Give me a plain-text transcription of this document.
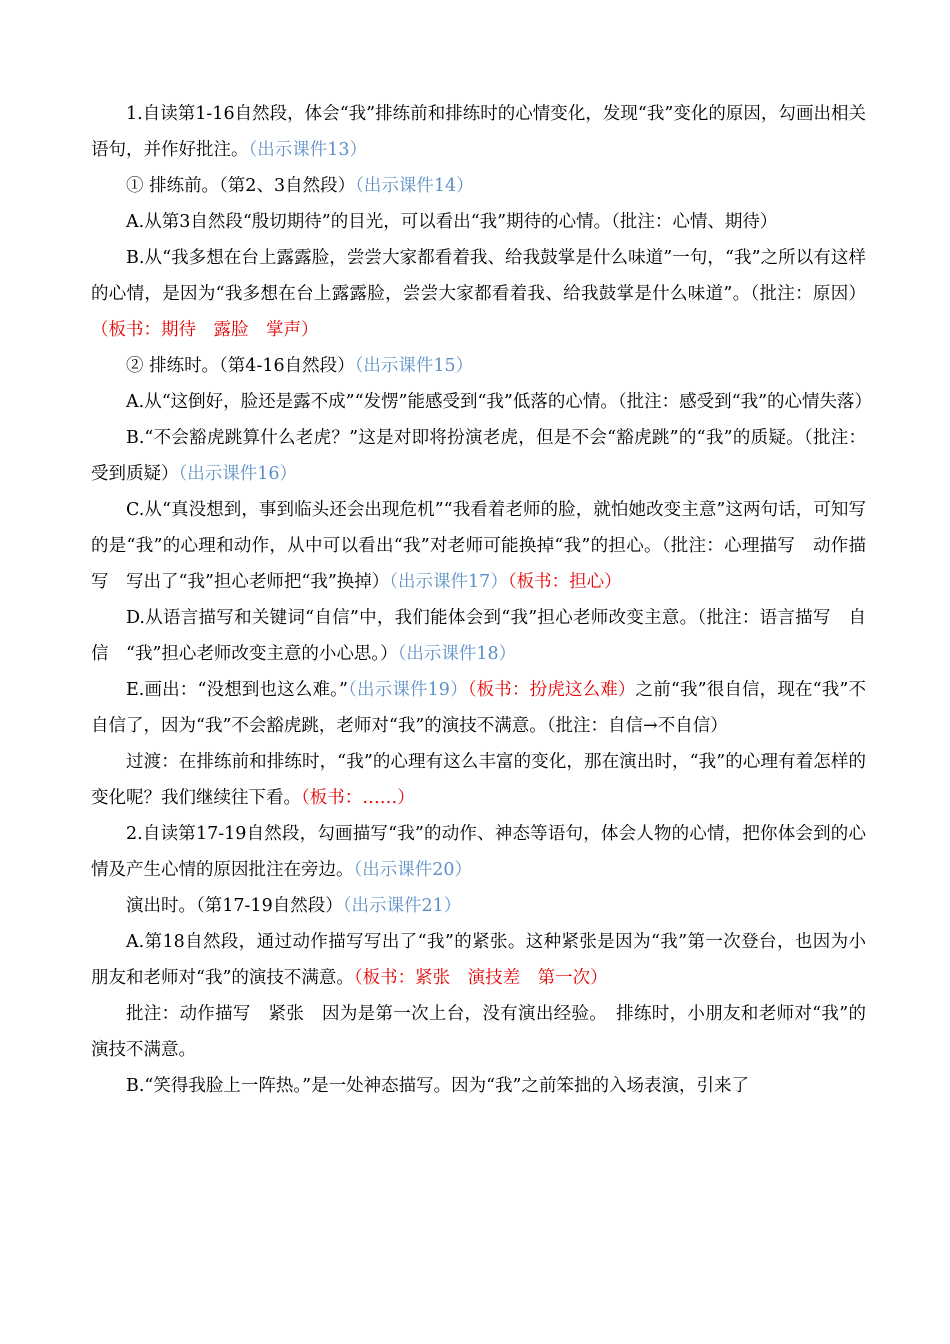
1.自读第1-16自然段，体会“我”排练前和排练时的心情变化，发现“我”变化的原因，勾画出相关语句，并作好批注。（出示课件13）

① 排练前。（第2、3自然段）（出示课件14）

A.从第3自然段“殷切期待”的目光，可以看出“我”期待的心情。（批注：心情、期待）

B.从“我多想在台上露露脸，尝尝大家都看着我、给我鼓掌是什么味道”一句，“我”之所以有这样的心情，是因为“我多想在台上露露脸，尝尝大家都看着我、给我鼓掌是什么味道”。（批注：原因）（板书：期待　露脸　掌声）

② 排练时。（第4-16自然段）（出示课件15）

A.从“这倒好，脸还是露不成”“发愣”能感受到“我”低落的心情。（批注：感受到“我”的心情失落）

B.“不会豁虎跳算什么老虎？”这是对即将扮演老虎，但是不会“豁虎跳”的“我”的质疑。（批注：受到质疑）（出示课件16）

C.从“真没想到，事到临头还会出现危机”“我看着老师的脸，就怕她改变主意”这两句话，可知写的是“我”的心理和动作，从中可以看出“我”对老师可能换掉“我”的担心。（批注：心理描写　动作描写　写出了“我”担心老师把“我”换掉）（出示课件17）（板书：担心）

D.从语言描写和关键词“自信”中，我们能体会到“我”担心老师改变主意。（批注：语言描写　自信　“我”担心老师改变主意的小心思。）（出示课件18）

E.画出：“没想到也这么难。”（出示课件19）（板书：扮虎这么难）之前“我”很自信，现在“我”不自信了，因为“我”不会豁虎跳，老师对“我”的演技不满意。（批注：自信→不自信）

过渡：在排练前和排练时，“我”的心理有这么丰富的变化，那在演出时，“我”的心理有着怎样的变化呢？我们继续往下看。（板书：……）

2.自读第17-19自然段，勾画描写“我”的动作、神态等语句，体会人物的心情，把你体会到的心情及产生心情的原因批注在旁边。（出示课件20）

演出时。（第17-19自然段）（出示课件21）

A.第18自然段，通过动作描写写出了“我”的紧张。这种紧张是因为“我”第一次登台，也因为小朋友和老师对“我”的演技不满意。（板书：紧张　演技差　第一次）

批注：动作描写　紧张　因为是第一次上台，没有演出经验。　排练时，小朋友和老师对“我”的演技不满意。

B.“笑得我脸上一阵热。”是一处神态描写。因为“我”之前笨拙的入场表演，引来了
